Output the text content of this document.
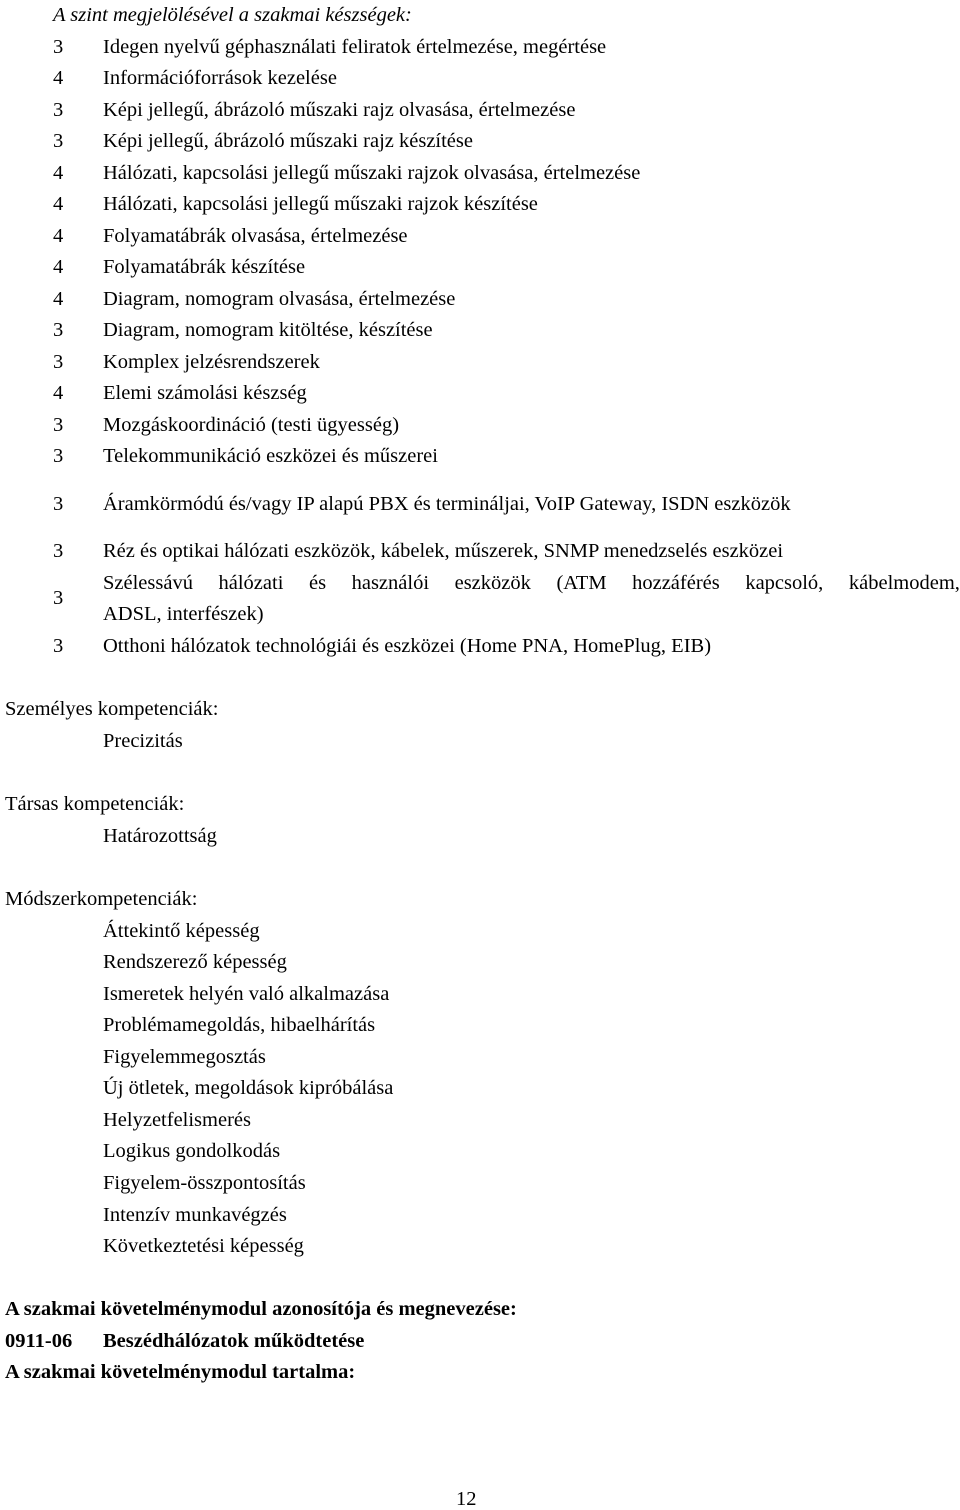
A szint megjelölésével a szakmai készségek:
3 Idegen nyelvű géphasználati feliratok értelmezése, megértése
4 Információforrások kezelése
3 Képi jellegű, ábrázoló műszaki rajz olvasása, értelmezése
3 Képi jellegű, ábrázoló műszaki rajz készítése
4 Hálózati, kapcsolási jellegű műszaki rajzok olvasása, értelmezése
4 Hálózati, kapcsolási jellegű műszaki rajzok készítése
4 Folyamatábrák olvasása, értelmezése
4 Folyamatábrák készítése
4 Diagram, nomogram olvasása, értelmezése
3 Diagram, nomogram kitöltése, készítése
3 Komplex jelzésrendszerek
4 Elemi számolási készség
3 Mozgáskoordináció (testi ügyesség)
3 Telekommunikáció eszközei és műszerei
3 Áramkörmódú és/vagy IP alapú PBX és termináljai, VoIP Gateway, ISDN eszközök
3 Réz és optikai hálózati eszközök, kábelek, műszerek, SNMP menedzselés eszközei
3
Szélessávú hálózati és használói eszközök (ATM hozzáférés kapcsoló, kábelmodem,
ADSL, interfészek)
3 Otthoni hálózatok technológiái és eszközei (Home PNA, HomePlug, EIB)
Személyes kompetenciák:
Precizitás
Társas kompetenciák:
Határozottság
Módszerkompetenciák:
Áttekintő képesség
Rendszerező képesség
Ismeretek helyén való alkalmazása
Problémamegoldás, hibaelhárítás
Figyelemmegosztás
Új ötletek, megoldások kipróbálása
Helyzetfelismerés
Logikus gondolkodás
Figyelem-összpontosítás
Intenzív munkavégzés
Következtetési képesség
A szakmai követelménymodul azonosítója és megnevezése:
0911-06 Beszédhálózatok működtetése
A szakmai követelménymodul tartalma:
12
